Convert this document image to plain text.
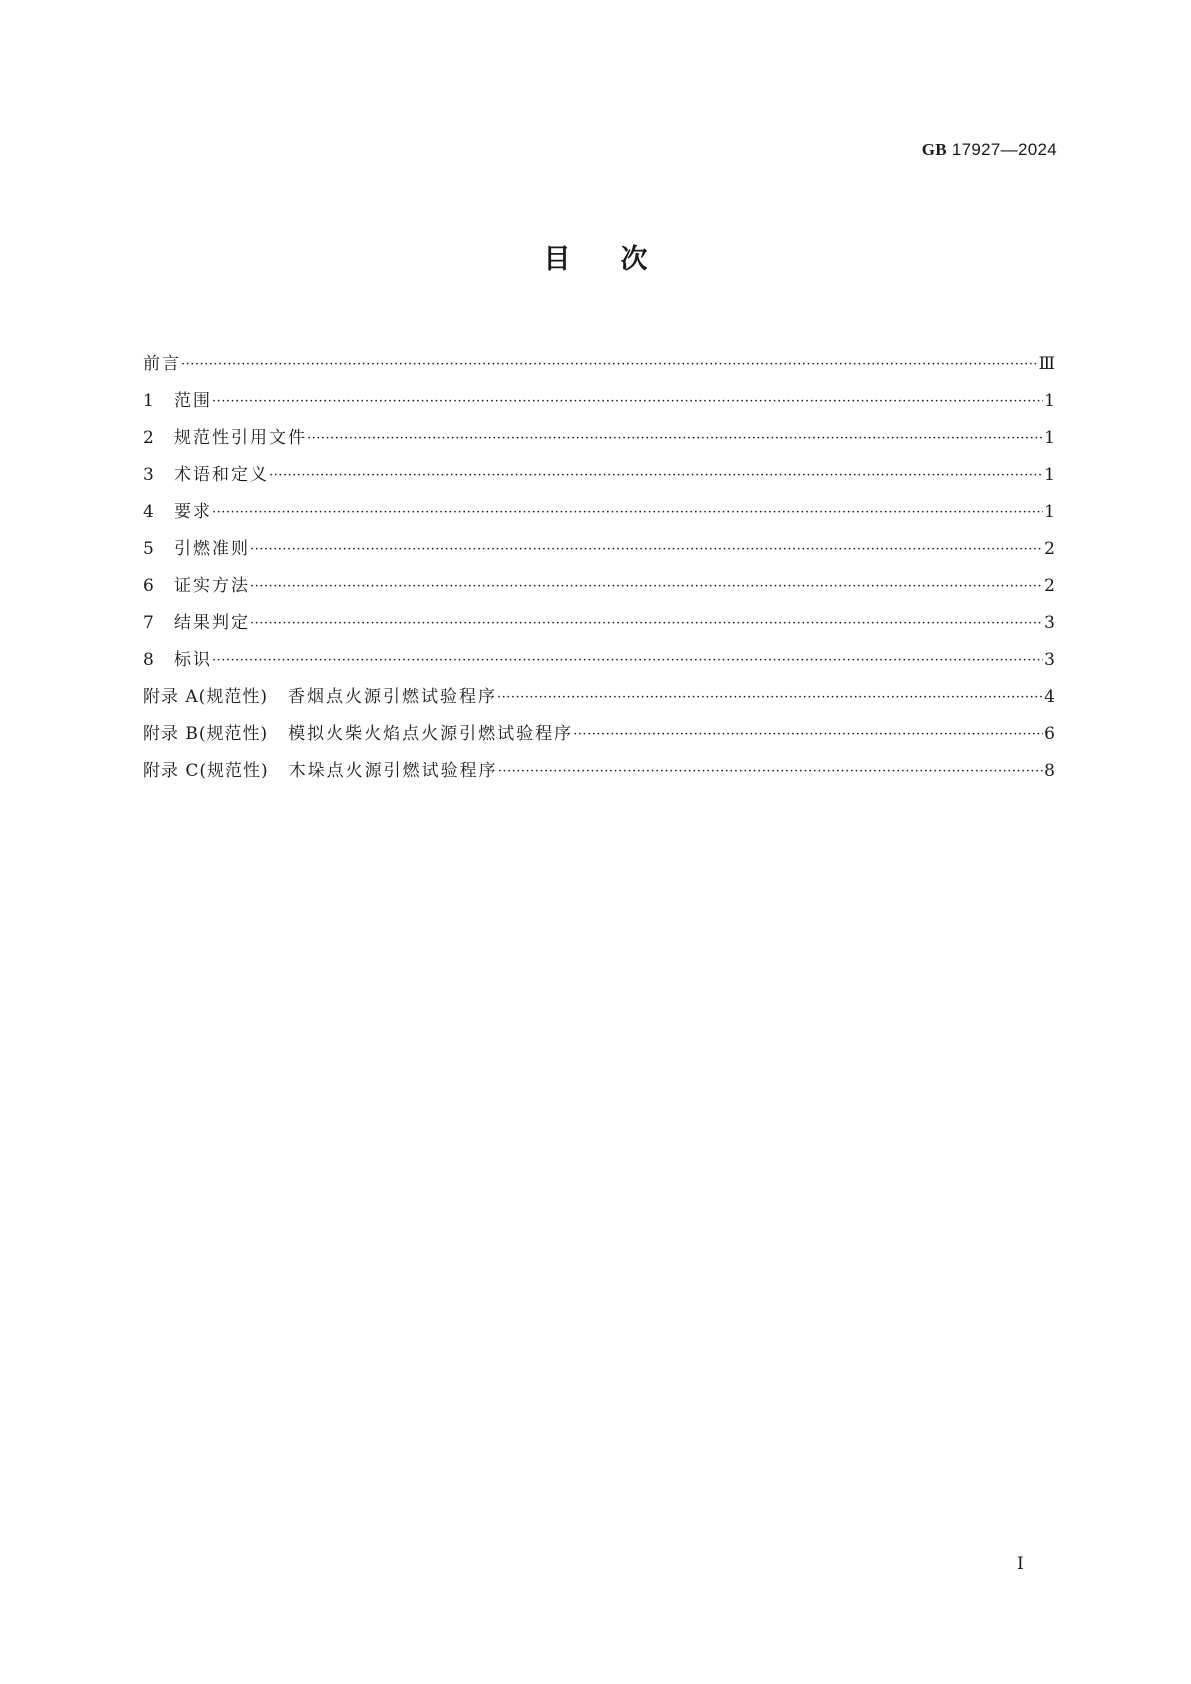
GB 17927—2024
目次
前言 ·····	Ⅲ
1	范围 ·····	1
2	规范性引用文件 ·····	1
3	术语和定义 ·····	1
4	要求 ·····	1
5	引燃准则 ·····	2
6	证实方法 ·····	2
7	结果判定 ·····	3
8	标识 ·····	3
附录 A(规范性) 香烟点火源引燃试验程序 ·····	4
附录 B(规范性) 模拟火柴火焰点火源引燃试验程序 ·····	6
附录 C(规范性) 木垛点火源引燃试验程序 ·····	8
Ⅰ
